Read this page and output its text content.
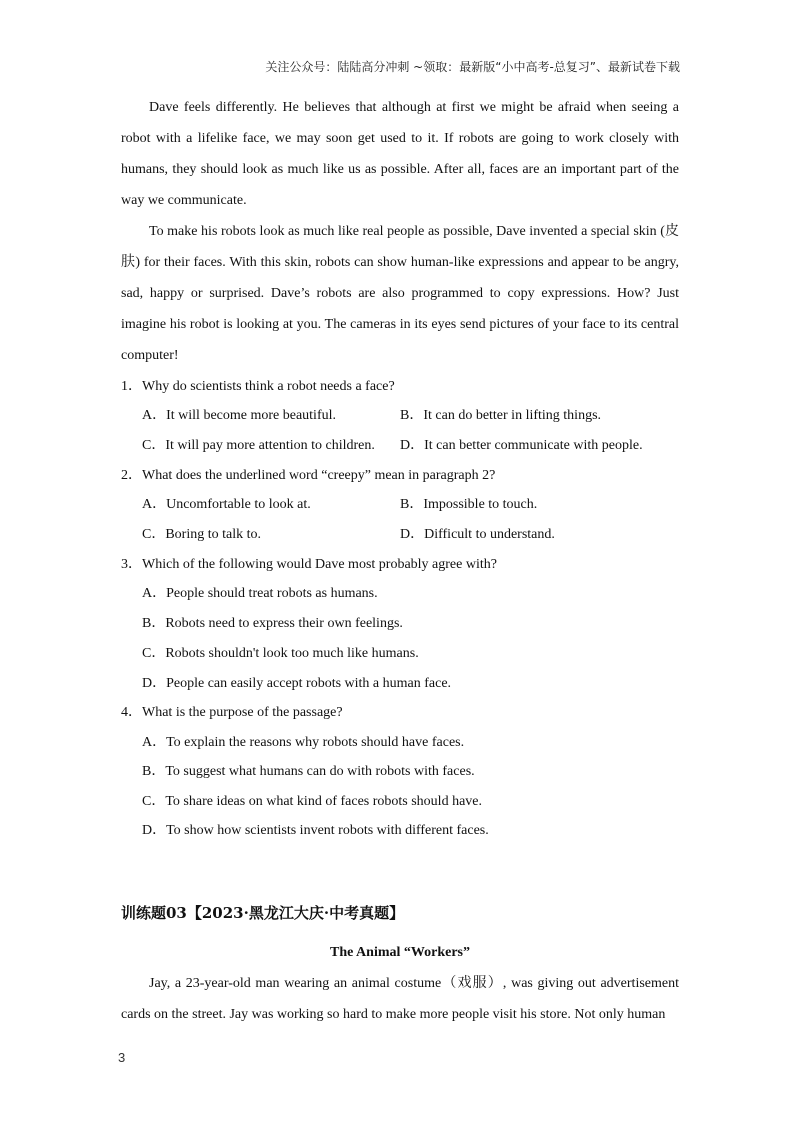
关注公众号：陆陆高分冲刺 ~领取：最新版“小中高考-总复习”、最新试卷下载

Dave feels differently. He believes that although at first we might be afraid when seeing a robot with a lifelike face, we may soon get used to it. If robots are going to work closely with humans, they should look as much like us as possible. After all, faces are an important part of the way we communicate.

To make his robots look as much like real people as possible, Dave invented a special skin (皮肤) for their faces. With this skin, robots can show human-like expressions and appear to be angry, sad, happy or surprised. Dave’s robots are also programmed to copy expressions. How? Just imagine his robot is looking at you. The cameras in its eyes send pictures of your face to its central computer!

1．Why do scientists think a robot needs a face?
A．It will become more beautiful.	B．It can do better in lifting things.
C．It will pay more attention to children. D．It can better communicate with people.
2．What does the underlined word “creepy” mean in paragraph 2?
A．Uncomfortable to look at.	B．Impossible to touch.
C．Boring to talk to.	D．Difficult to understand.
3．Which of the following would Dave most probably agree with?
A．People should treat robots as humans.
B．Robots need to express their own feelings.
C．Robots shouldn't look too much like humans.
D．People can easily accept robots with a human face.
4．What is the purpose of the passage?
A．To explain the reasons why robots should have faces.
B．To suggest what humans can do with robots with faces.
C．To share ideas on what kind of faces robots should have.
D．To show how scientists invent robots with different faces.
训练题03【2023·黑龙江大庆·中考真题】
The Animal “Workers”

Jay, a 23-year-old man wearing an animal costume（戏服）, was giving out advertisement cards on the street. Jay was working so hard to make more people visit his store. Not only human

3
